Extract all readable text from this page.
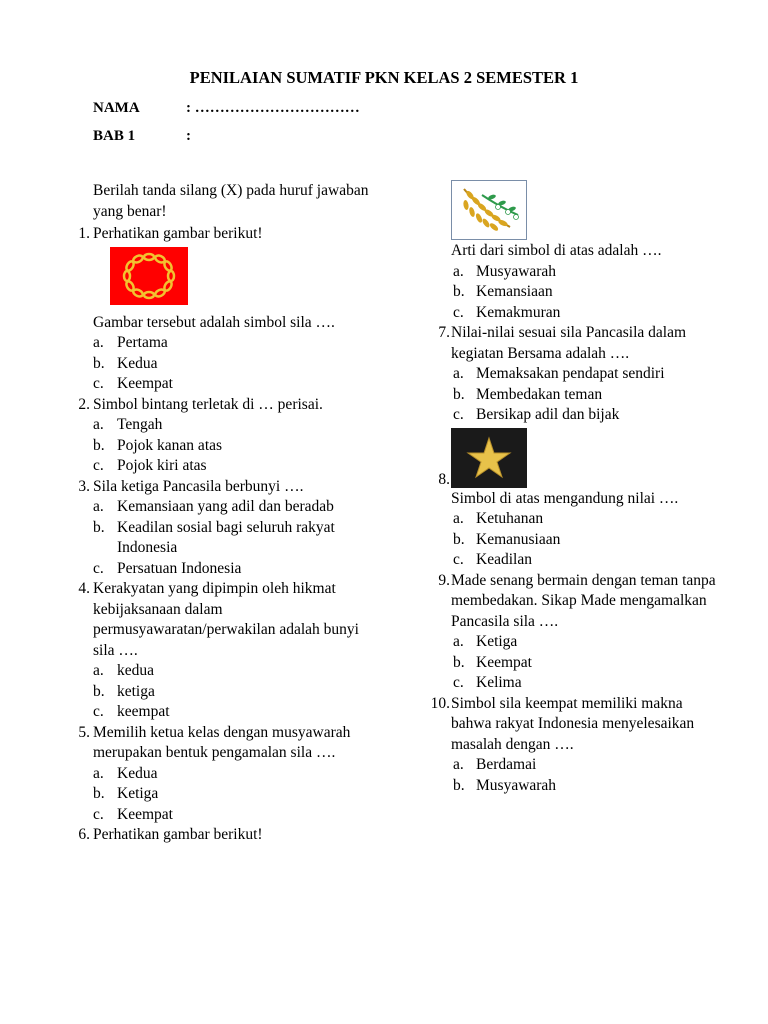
PENILAIAN SUMATIF PKN KELAS 2 SEMESTER 1
NAMA	: ……………………………
BAB 1	:
Berilah tanda silang (X) pada huruf jawaban yang benar!
1. Perhatikan gambar berikut!
Gambar tersebut adalah simbol sila ….
a. Pertama
b. Kedua
c. Keempat
2. Simbol bintang terletak di … perisai.
a. Tengah
b. Pojok kanan atas
c. Pojok kiri atas
3. Sila ketiga Pancasila berbunyi ….
a. Kemansiaan yang adil dan beradab
b. Keadilan sosial bagi seluruh rakyat Indonesia
c. Persatuan Indonesia
4. Kerakyatan yang dipimpin oleh hikmat kebijaksanaan dalam permusyawaratan/perwakilan adalah bunyi sila ….
a. kedua
b. ketiga
c. keempat
5. Memilih ketua kelas dengan musyawarah merupakan bentuk pengamalan sila ….
a. Kedua
b. Ketiga
c. Keempat
6. Perhatikan gambar berikut!
Arti dari simbol di atas adalah ….
a. Musyawarah
b. Kemansiaan
c. Kemakmuran
7. Nilai-nilai sesuai sila Pancasila dalam kegiatan Bersama adalah ….
a. Memaksakan pendapat sendiri
b. Membedakan teman
c. Bersikap adil dan bijak
8.
Simbol di atas mengandung nilai ….
a. Ketuhanan
b. Kemanusiaan
c. Keadilan
9. Made senang bermain dengan teman tanpa membedakan. Sikap Made mengamalkan Pancasila sila ….
a. Ketiga
b. Keempat
c. Kelima
10. Simbol sila keempat memiliki makna bahwa rakyat Indonesia menyelesaikan masalah dengan ….
a. Berdamai
b. Musyawarah
